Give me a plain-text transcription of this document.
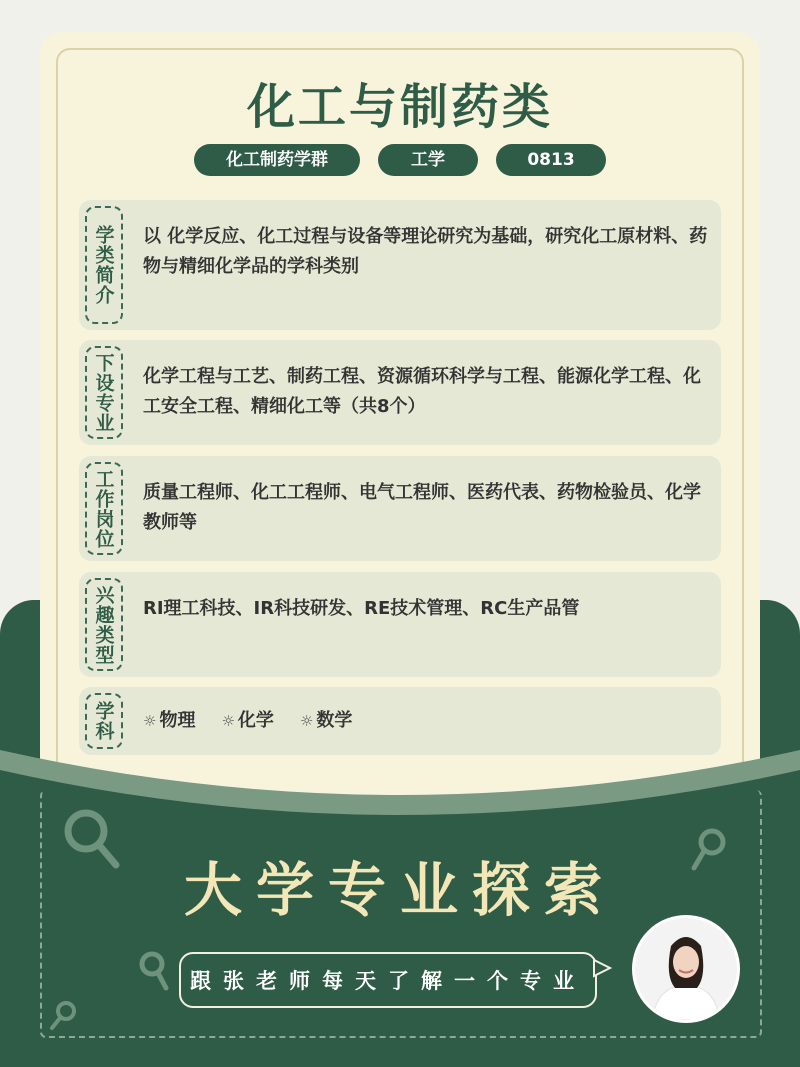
化工与制药类
化工制药学群	工学	0813
学类简介	以 化学反应、化工过程与设备等理论研究为基础，研究化工原材料、药物与精细化学品的学科类别
下设专业	化学工程与工艺、制药工程、资源循环科学与工程、能源化学工程、化工安全工程、精细化工等（共8个）
工作岗位	质量工程师、化工工程师、电气工程师、医药代表、药物检验员、化学教师等
兴趣类型	RI理工科技、IR科技研发、RE技术管理、RC生产品管
学科	☼ 物理 ☼ 化学 ☼ 数学
大学专业探索
跟张老师每天了解一个专业
